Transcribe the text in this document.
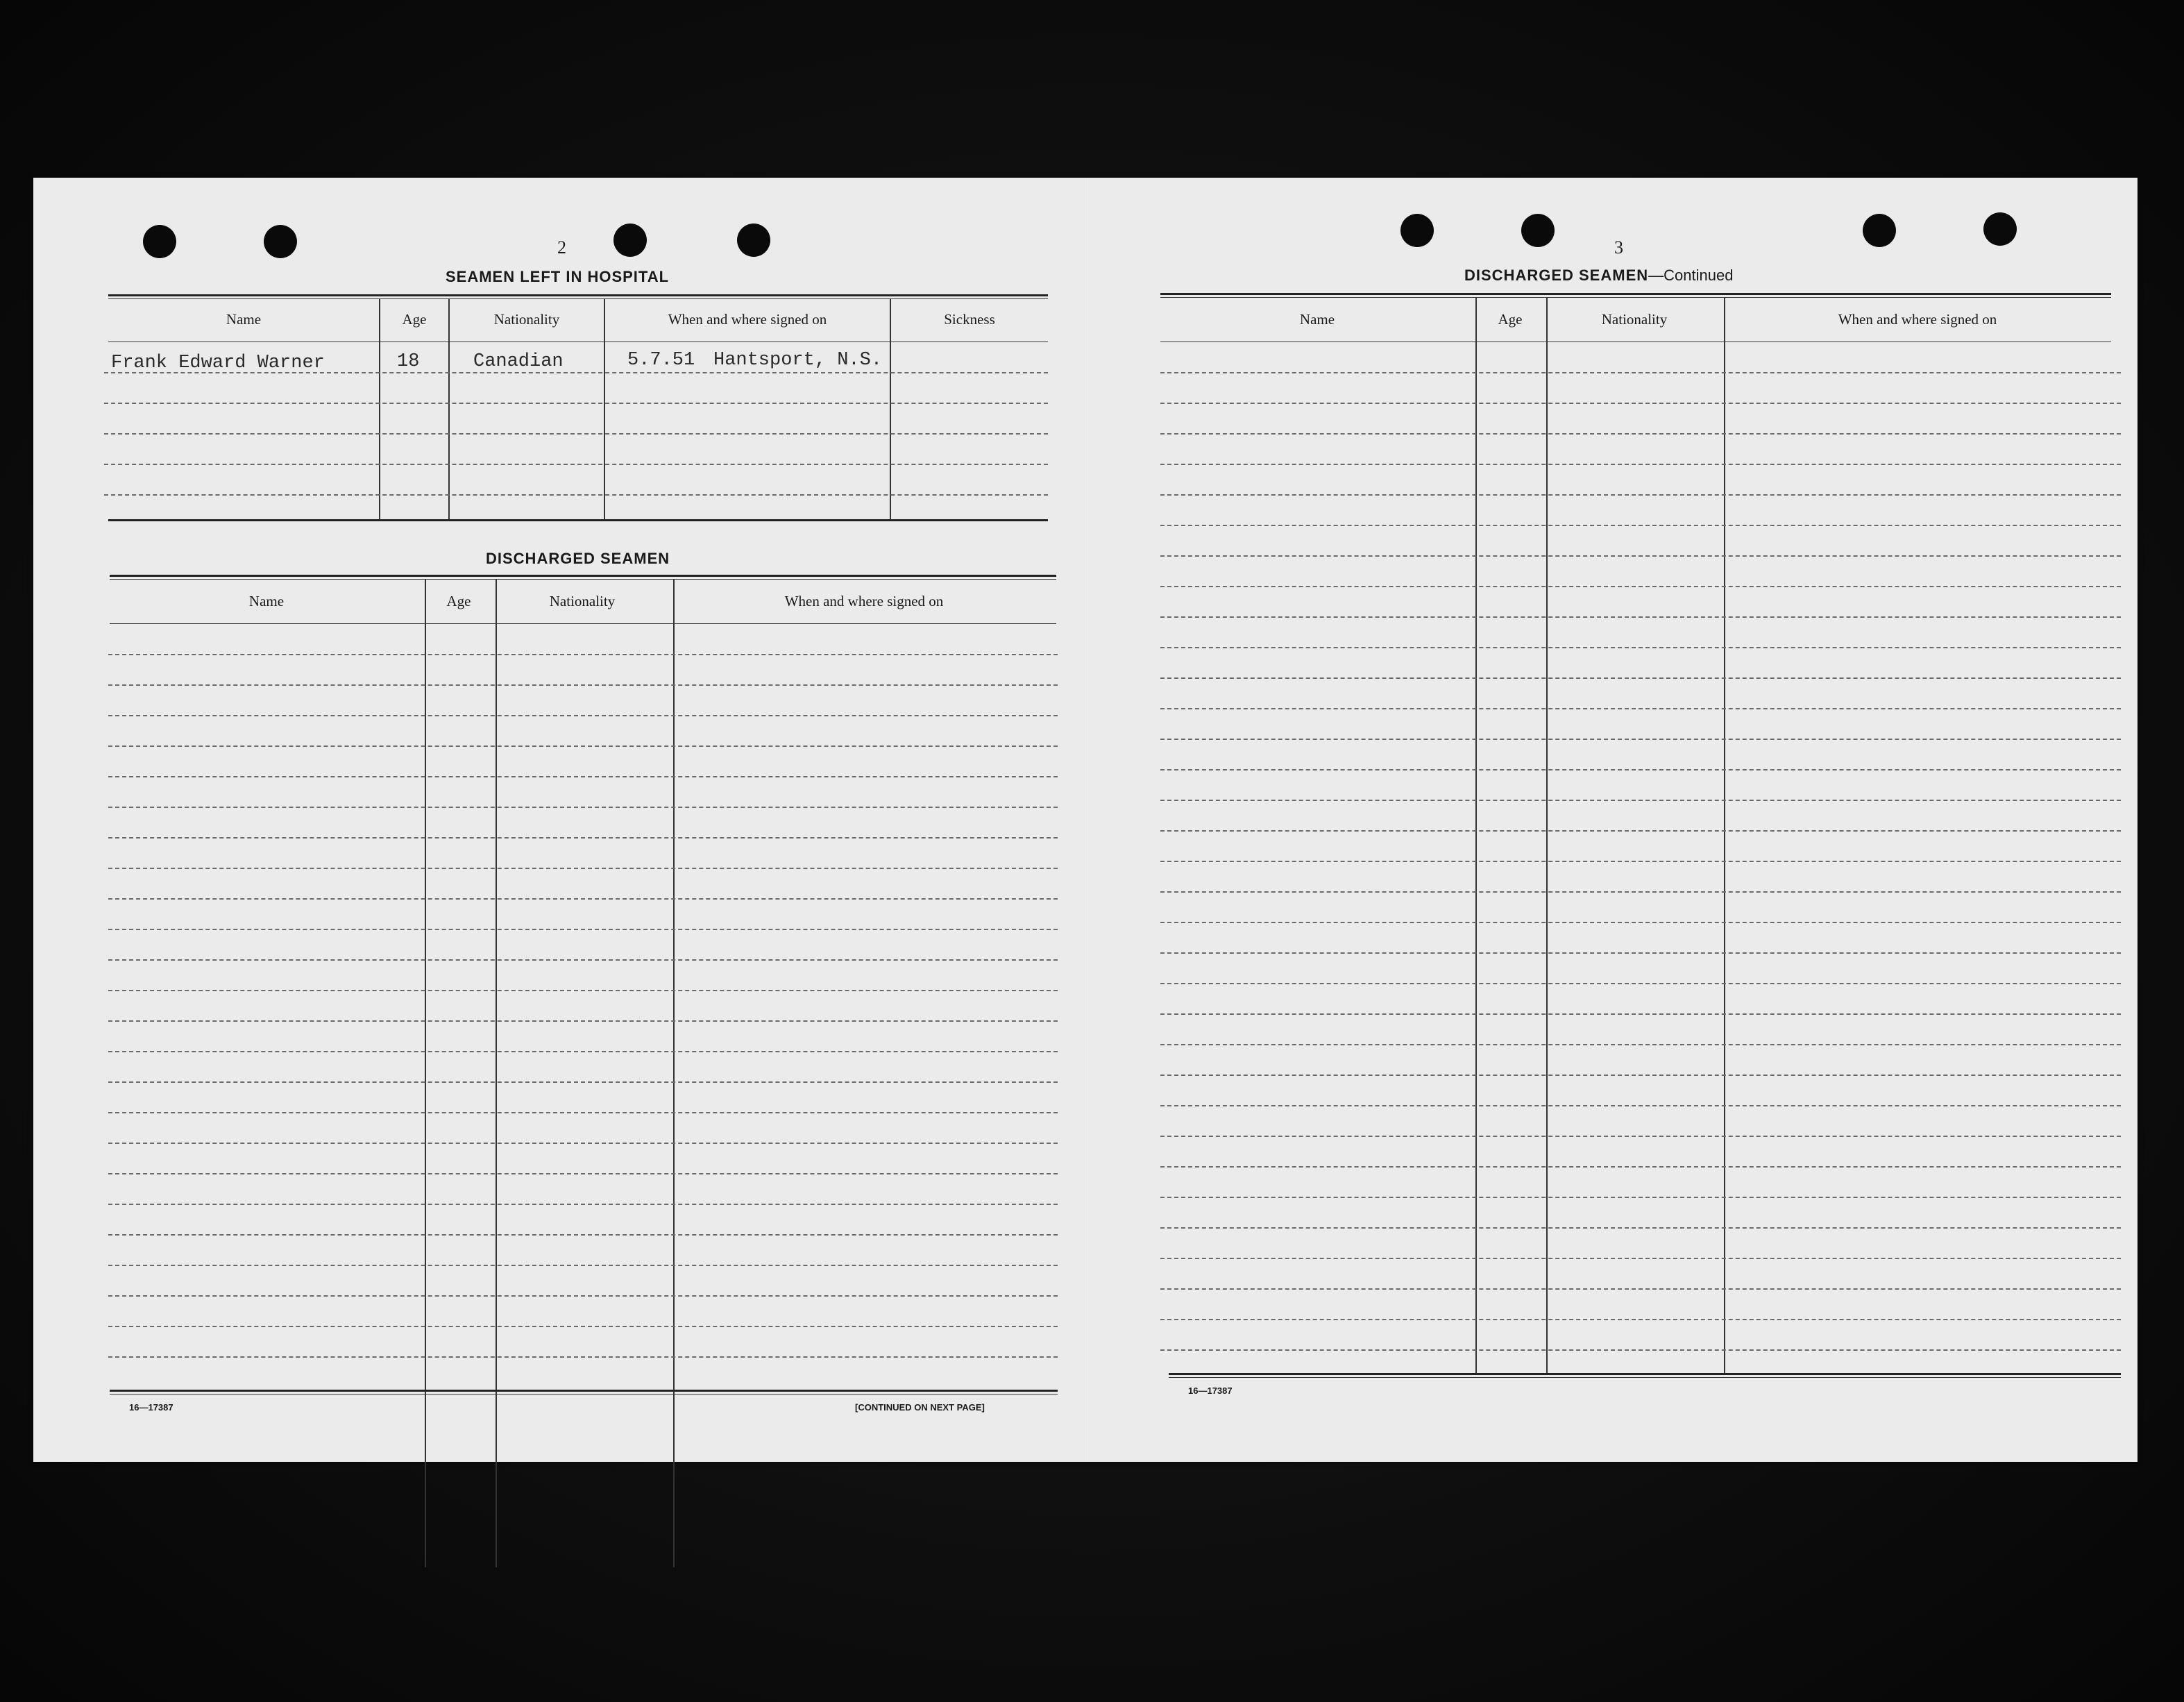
2
SEAMEN LEFT IN HOSPITAL
Name	Age	Nationality	When and where signed on	Sickness
Frank Edward Warner	18	Canadian	5.7.51 Hantsport, N.S.
DISCHARGED SEAMEN
Name	Age	Nationality	When and where signed on
16—17387	[CONTINUED ON NEXT PAGE]
3
DISCHARGED SEAMEN—Continued
Name	Age	Nationality	When and where signed on
16—17387
